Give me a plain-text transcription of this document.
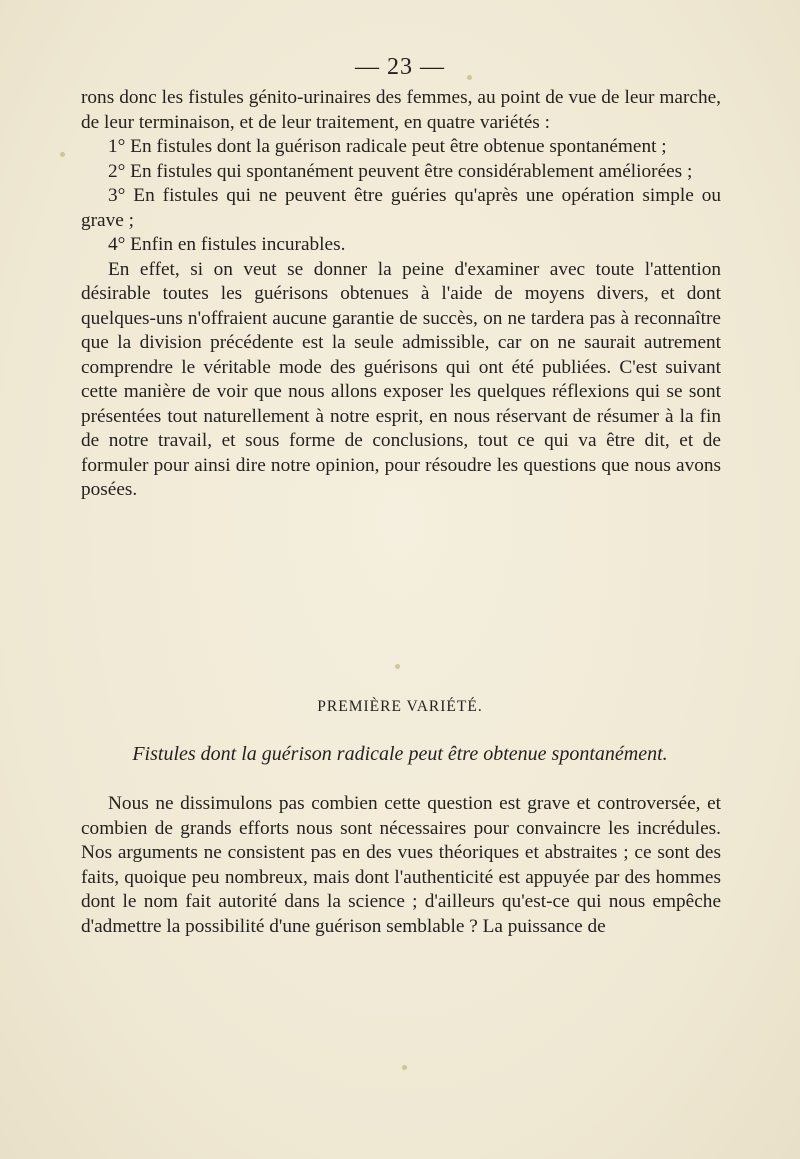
— 23 —

rons donc les fistules génito-urinaires des femmes, au point de vue de leur marche, de leur terminaison, et de leur traitement, en quatre variétés :

1° En fistules dont la guérison radicale peut être obtenue spontanément ;

2° En fistules qui spontanément peuvent être considérablement améliorées ;

3° En fistules qui ne peuvent être guéries qu'après une opération simple ou grave ;

4° Enfin en fistules incurables.

En effet, si on veut se donner la peine d'examiner avec toute l'attention désirable toutes les guérisons obtenues à l'aide de moyens divers, et dont quelques-uns n'offraient aucune garantie de succès, on ne tardera pas à reconnaître que la division précédente est la seule admissible, car on ne saurait autrement comprendre le véritable mode des guérisons qui ont été publiées. C'est suivant cette manière de voir que nous allons exposer les quelques réflexions qui se sont présentées tout naturellement à notre esprit, en nous réservant de résumer à la fin de notre travail, et sous forme de conclusions, tout ce qui va être dit, et de formuler pour ainsi dire notre opinion, pour résoudre les questions que nous avons posées.

PREMIÈRE VARIÉTÉ.
Fistules dont la guérison radicale peut être obtenue spontanément.

Nous ne dissimulons pas combien cette question est grave et controversée, et combien de grands efforts nous sont nécessaires pour convaincre les incrédules. Nos arguments ne consistent pas en des vues théoriques et abstraites ; ce sont des faits, quoique peu nombreux, mais dont l'authenticité est appuyée par des hommes dont le nom fait autorité dans la science ; d'ailleurs qu'est-ce qui nous empêche d'admettre la possibilité d'une guérison semblable ? La puissance de
